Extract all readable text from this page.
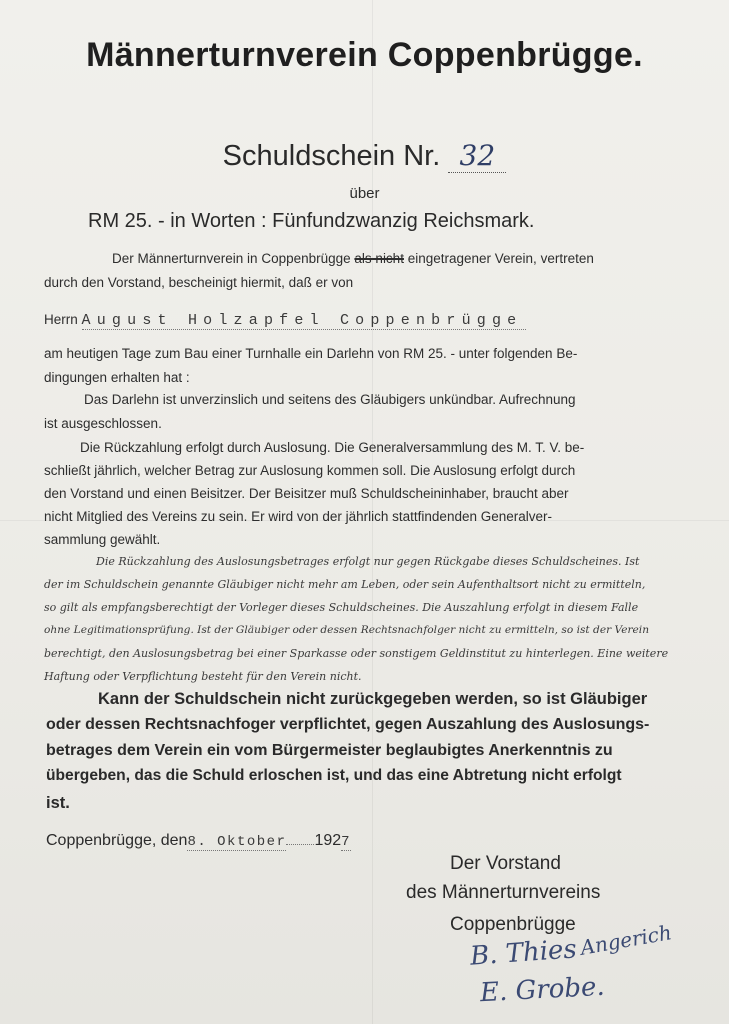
Männerturnverein Coppenbrügge.
Schuldschein Nr. 32
über
RM 25. - in Worten : Fünfundzwanzig Reichsmark.
Der Männerturnverein in Coppenbrügge als nicht eingetragener Verein, vertreten
durch den Vorstand, bescheinigt hiermit, daß er von
Herrn August Holzapfel Coppenbrügge
am heutigen Tage zum Bau einer Turnhalle ein Darlehn von RM 25. - unter folgenden Be-
dingungen erhalten hat :
Das Darlehn ist unverzinslich und seitens des Gläubigers unkündbar. Aufrechnung
ist ausgeschlossen.
Die Rückzahlung erfolgt durch Auslosung. Die Generalversammlung des M. T. V. be-
schließt jährlich, welcher Betrag zur Auslosung kommen soll. Die Auslosung erfolgt durch
den Vorstand und einen Beisitzer. Der Beisitzer muß Schuldscheininhaber, braucht aber
nicht Mitglied des Vereins zu sein. Er wird von der jährlich stattfindenden Generalver-
sammlung gewählt.
Die Rückzahlung des Auslosungsbetrages erfolgt nur gegen Rückgabe dieses Schuldscheines. Ist
der im Schuldschein genannte Gläubiger nicht mehr am Leben, oder sein Aufenthaltsort nicht zu ermitteln,
so gilt als empfangsberechtigt der Vorleger dieses Schuldscheines. Die Auszahlung erfolgt in diesem Falle
ohne Legitimationsprüfung. Ist der Gläubiger oder dessen Rechtsnachfolger nicht zu ermitteln, so ist der Verein
berechtigt, den Auslosungsbetrag bei einer Sparkasse oder sonstigem Geldinstitut zu hinterlegen. Eine weitere
Haftung oder Verpflichtung besteht für den Verein nicht.
Kann der Schuldschein nicht zurückgegeben werden, so ist Gläubiger
oder dessen Rechtsnachfoger verpflichtet, gegen Auszahlung des Auslosungs-
betrages dem Verein ein vom Bürgermeister beglaubigtes Anerkenntnis zu
übergeben, das die Schuld erloschen ist, und das eine Abtretung nicht erfolgt
ist.
Coppenbrügge, den8. Oktober 1927
Der Vorstand
des Männerturnvereins
Coppenbrügge
B. Thies Angerich
E. Grobe.
